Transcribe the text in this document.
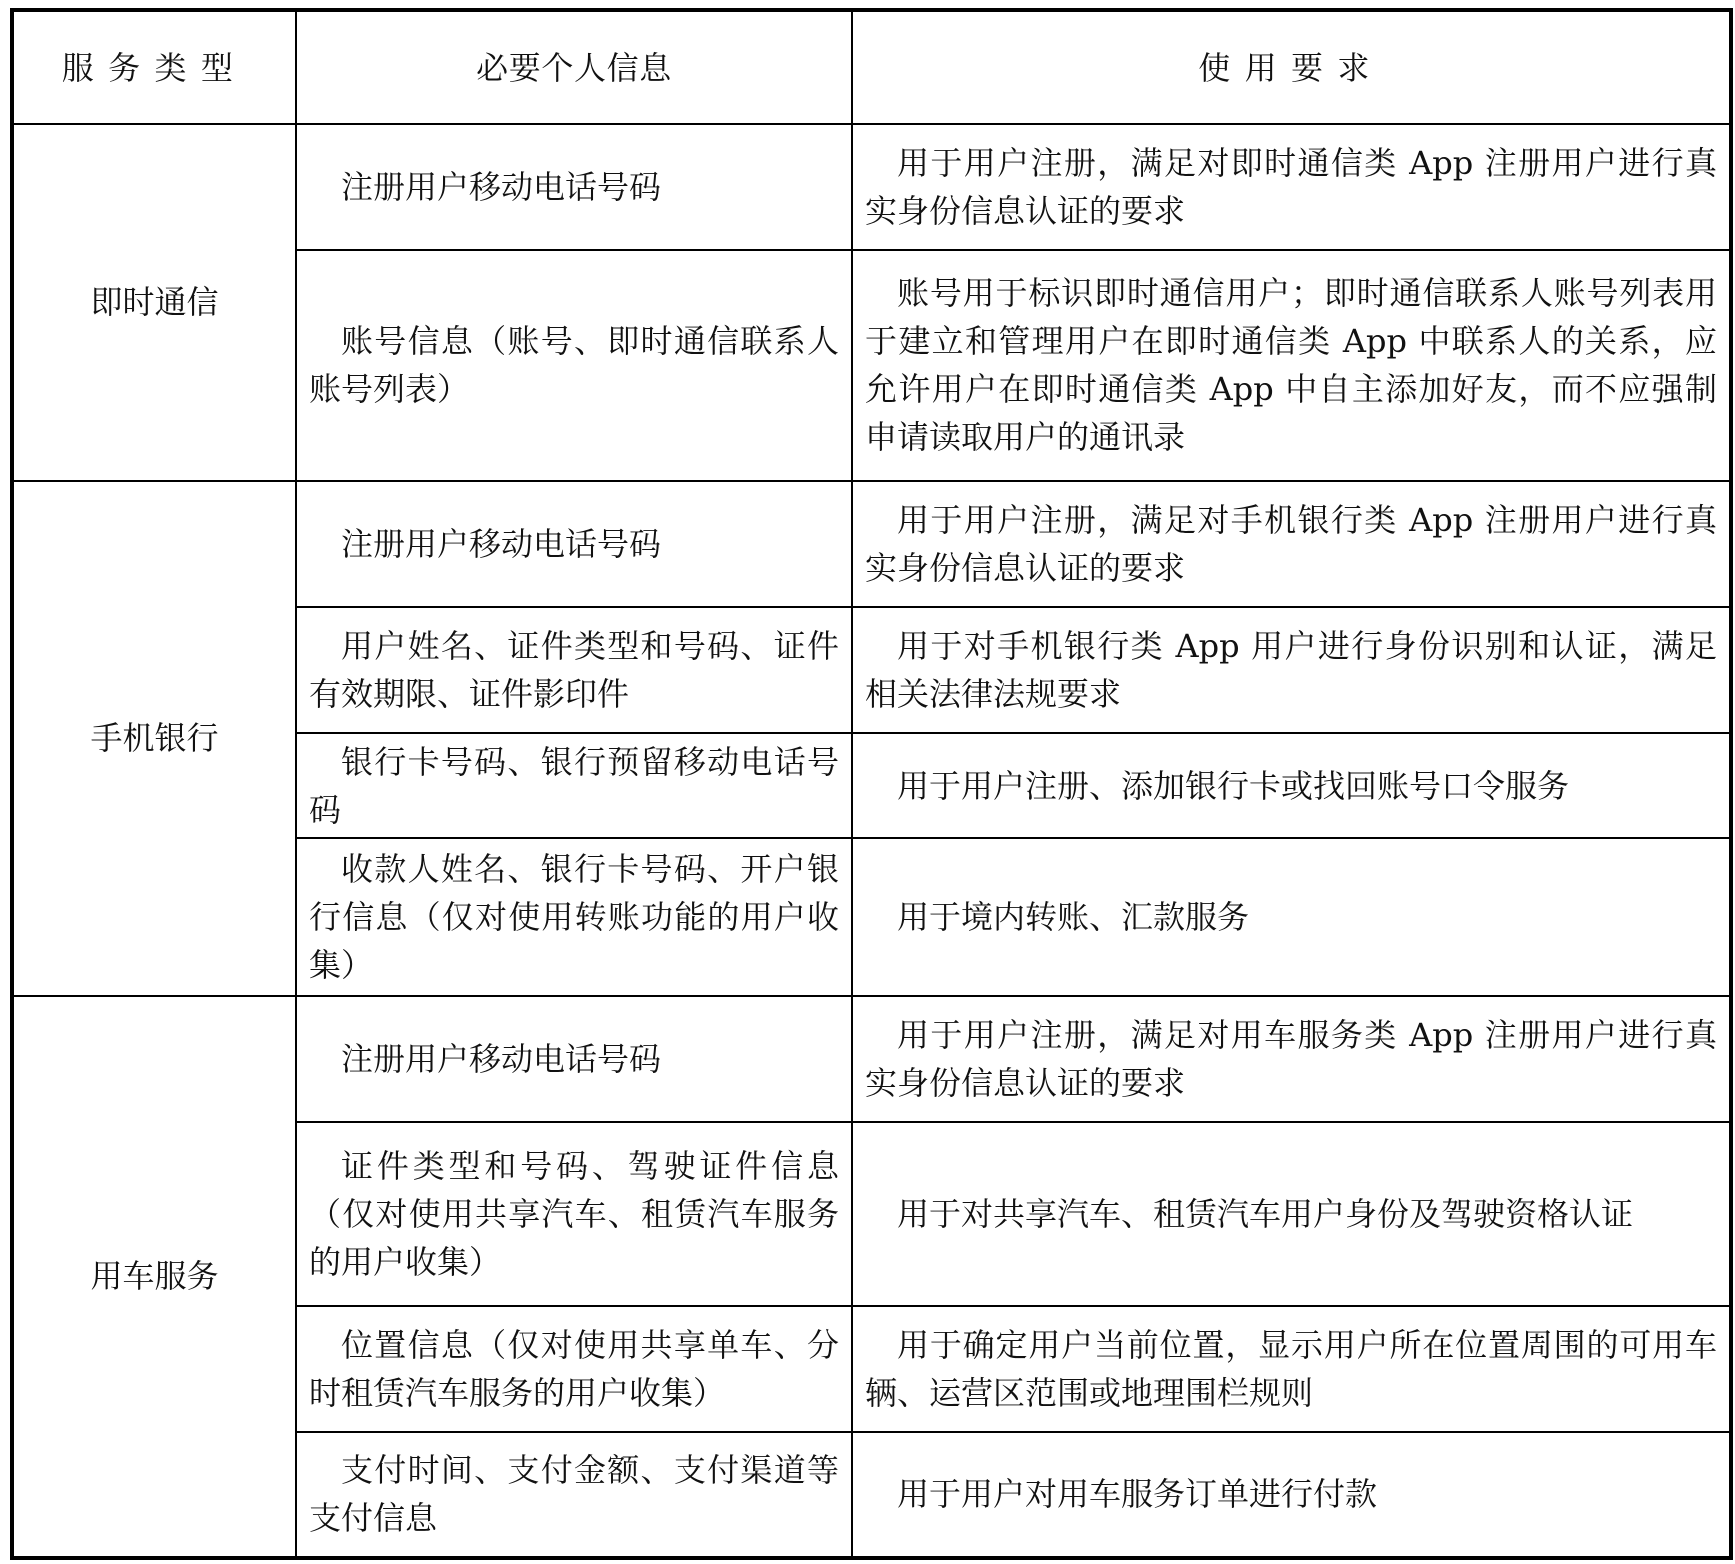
服务类型	必要个人信息	使用要求
即时通信	注册用户移动电话号码	用于用户注册，满足对即时通信类 App 注册用户进行真实身份信息认证的要求
	账号信息（账号、即时通信联系人账号列表）	账号用于标识即时通信用户；即时通信联系人账号列表用于建立和管理用户在即时通信类 App 中联系人的关系，应允许用户在即时通信类 App 中自主添加好友，而不应强制申请读取用户的通讯录
手机银行	注册用户移动电话号码	用于用户注册，满足对手机银行类 App 注册用户进行真实身份信息认证的要求
	用户姓名、证件类型和号码、证件有效期限、证件影印件	用于对手机银行类 App 用户进行身份识别和认证，满足相关法律法规要求
	银行卡号码、银行预留移动电话号码	用于用户注册、添加银行卡或找回账号口令服务
	收款人姓名、银行卡号码、开户银行信息（仅对使用转账功能的用户收集）	用于境内转账、汇款服务
用车服务	注册用户移动电话号码	用于用户注册，满足对用车服务类 App 注册用户进行真实身份信息认证的要求
	证件类型和号码、驾驶证件信息（仅对使用共享汽车、租赁汽车服务的用户收集）	用于对共享汽车、租赁汽车用户身份及驾驶资格认证
	位置信息（仅对使用共享单车、分时租赁汽车服务的用户收集）	用于确定用户当前位置，显示用户所在位置周围的可用车辆、运营区范围或地理围栏规则
	支付时间、支付金额、支付渠道等支付信息	用于用户对用车服务订单进行付款
